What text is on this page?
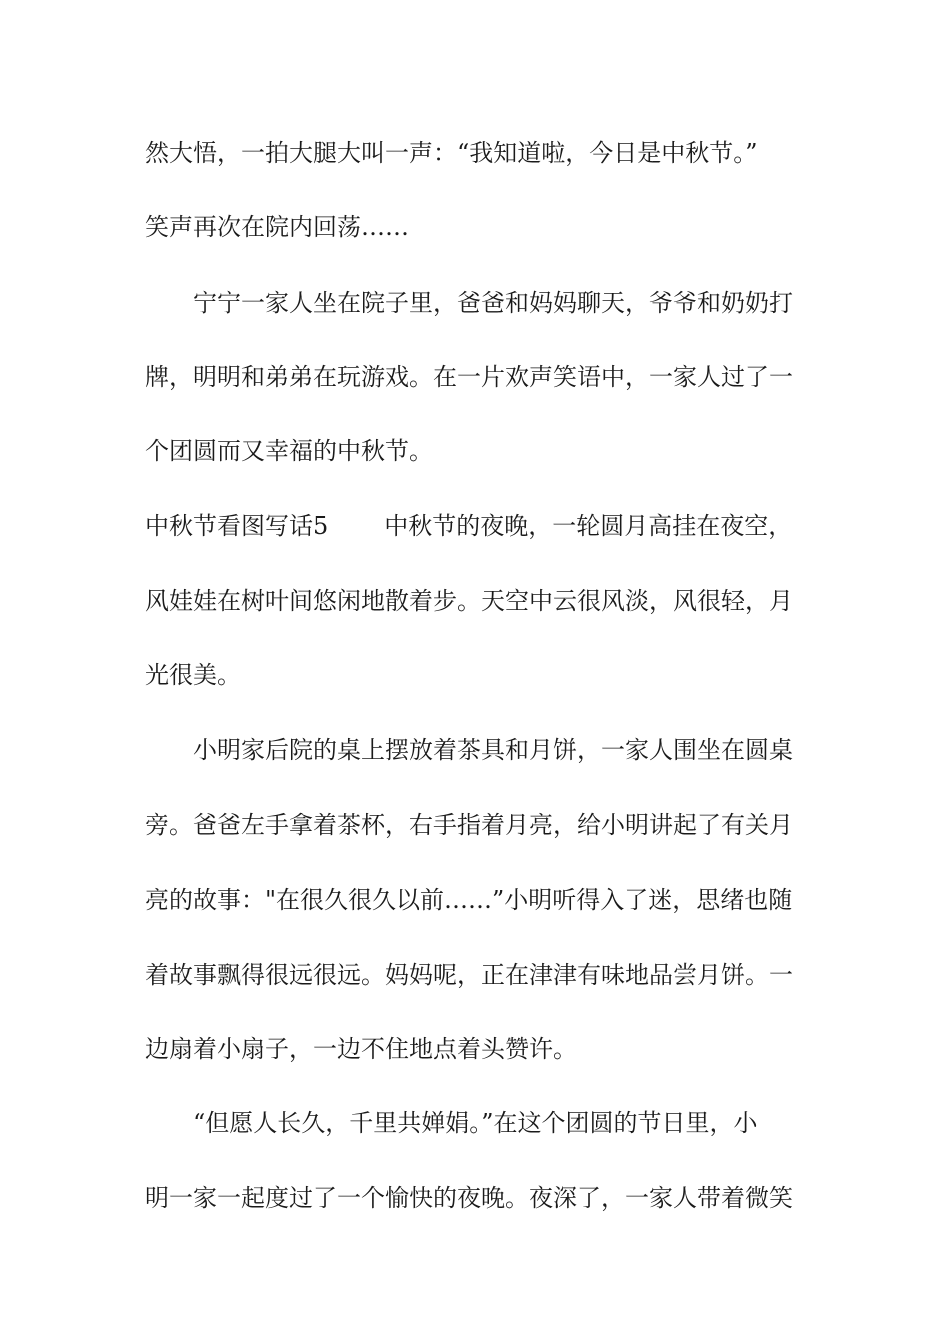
然大悟，一拍大腿大叫一声：“我知道啦，今日是中秋节。”

笑声再次在院内回荡……

宁宁一家人坐在院子里，爸爸和妈妈聊天，爷爷和奶奶打

牌，明明和弟弟在玩游戏。在一片欢声笑语中，一家人过了一

个团圆而又幸福的中秋节。

中秋节看图写话5 中秋节的夜晚，一轮圆月高挂在夜空，

风娃娃在树叶间悠闲地散着步。天空中云很风淡，风很轻，月

光很美。

小明家后院的桌上摆放着茶具和月饼，一家人围坐在圆桌

旁。爸爸左手拿着茶杯，右手指着月亮，给小明讲起了有关月

亮的故事："在很久很久以前……”小明听得入了迷，思绪也随

着故事飘得很远很远。妈妈呢，正在津津有味地品尝月饼。一

边扇着小扇子，一边不住地点着头赞许。

“但愿人长久，千里共婵娟。”在这个团圆的节日里，小

明一家一起度过了一个愉快的夜晚。夜深了，一家人带着微笑
